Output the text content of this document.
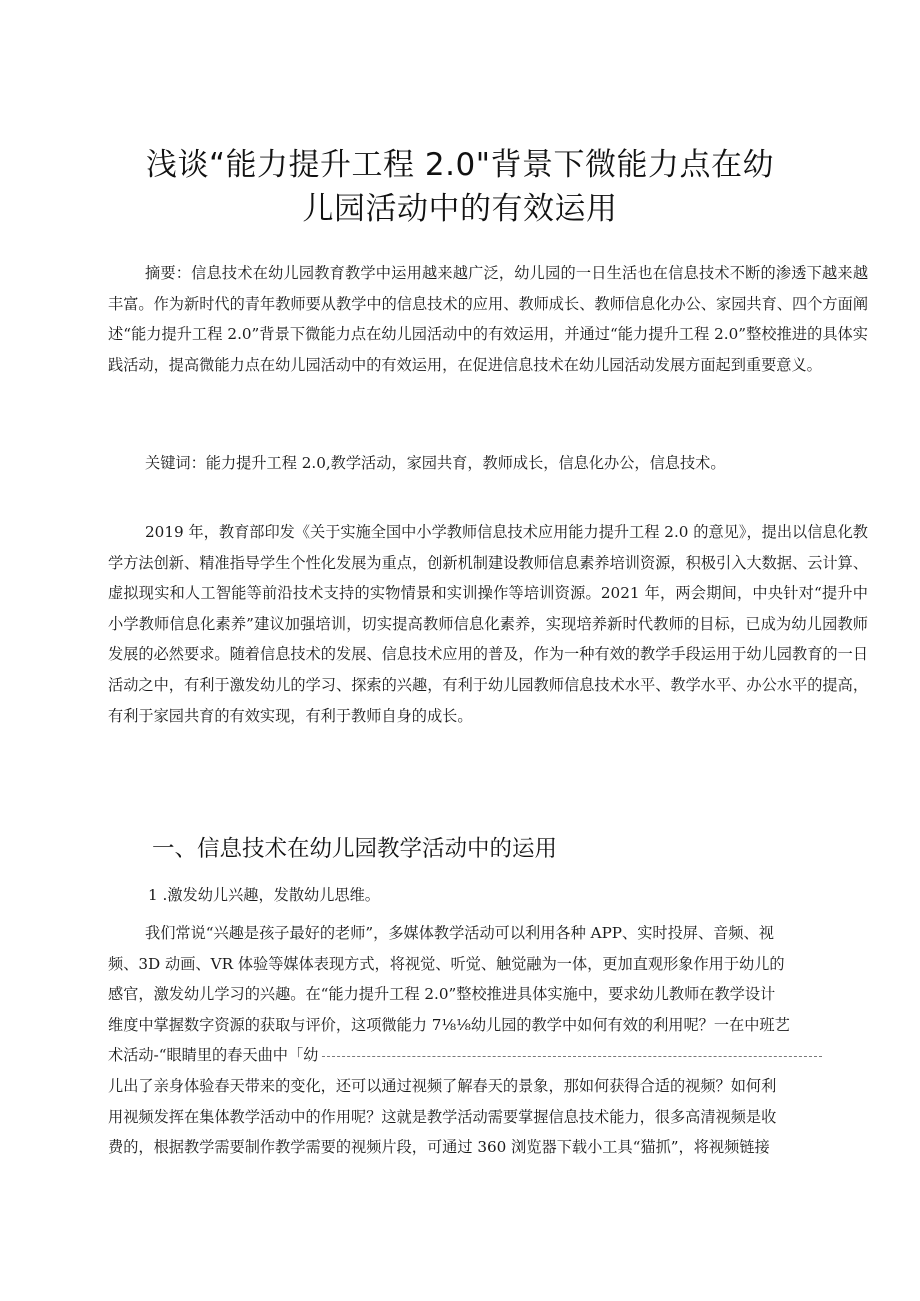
浅谈“能力提升工程 2.0"背景下微能力点在幼
儿园活动中的有效运用

摘要：信息技术在幼儿园教育教学中运用越来越广泛，幼儿园的一日生活也在信息技术不断的渗透下越来越丰富。作为新时代的青年教师要从教学中的信息技术的应用、教师成长、教师信息化办公、家园共育、四个方面阐述“能力提升工程 2.0”背景下微能力点在幼儿园活动中的有效运用，并通过“能力提升工程 2.0”整校推进的具体实践活动，提高微能力点在幼儿园活动中的有效运用，在促进信息技术在幼儿园活动发展方面起到重要意义。

关键词：能力提升工程 2.0,教学活动，家园共育，教师成长，信息化办公，信息技术。

2019 年，教育部印发《关于实施全国中小学教师信息技术应用能力提升工程 2.0 的意见》，提出以信息化教学方法创新、精准指导学生个性化发展为重点，创新机制建设教师信息素养培训资源，积极引入大数据、云计算、虚拟现实和人工智能等前沿技术支持的实物情景和实训操作等培训资源。2021 年，两会期间，中央针对“提升中小学教师信息化素养”建议加强培训，切实提高教师信息化素养，实现培养新时代教师的目标，已成为幼儿园教师发展的必然要求。随着信息技术的发展、信息技术应用的普及，作为一种有效的教学手段运用于幼儿园教育的一日活动之中，有利于激发幼儿的学习、探索的兴趣，有利于幼儿园教师信息技术水平、教学水平、办公水平的提高，有利于家园共育的有效实现，有利于教师自身的成长。

一、信息技术在幼儿园教学活动中的运用

1 .激发幼儿兴趣，发散幼儿思维。

我们常说“兴趣是孩子最好的老师”，多媒体教学活动可以利用各种 APP、实时投屏、音频、视
频、3D 动画、VR 体验等媒体表现方式，将视觉、听觉、触觉融为一体，更加直观形象作用于幼儿的
感官，激发幼儿学习的兴趣。在“能力提升工程 2.0”整校推进具体实施中，要求幼儿教师在教学设计
维度中掌握数字资源的获取与评价，这项微能力 7⅛⅛幼儿园的教学中如何有效的利用呢？一在中班艺
术活动-“眼睛里的春天曲中「幼
儿出了亲身体验春天带来的变化，还可以通过视频了解春天的景象，那如何获得合适的视频？如何利
用视频发挥在集体教学活动中的作用呢？这就是教学活动需要掌握信息技术能力，很多高清视频是收
费的，根据教学需要制作教学需要的视频片段，可通过 360 浏览器下载小工具“猫抓”，将视频链接
